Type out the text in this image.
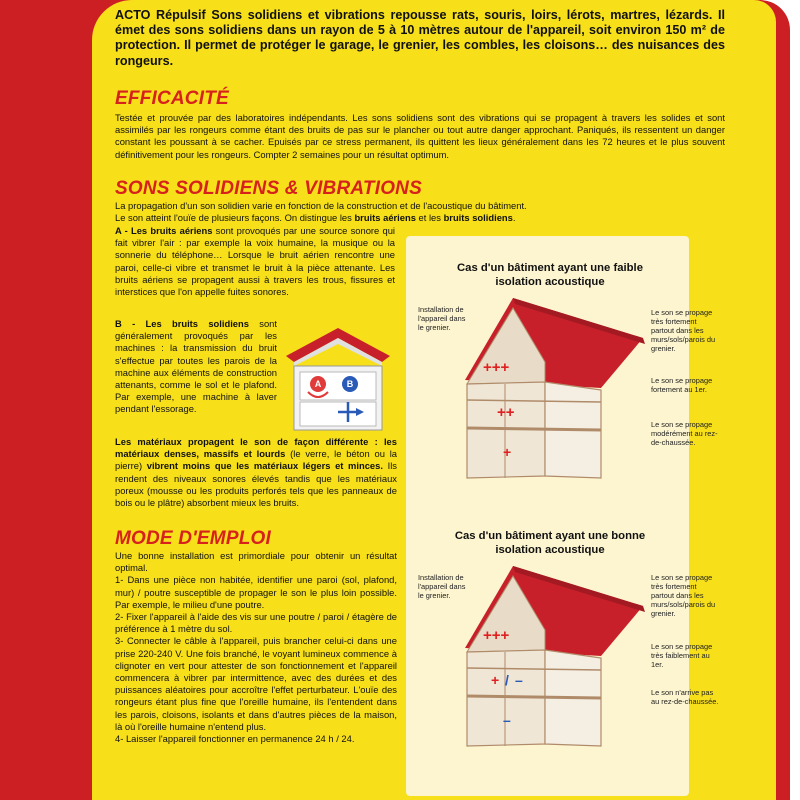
ACTO Répulsif Sons solidiens et vibrations repousse rats, souris, loirs, lérots, martres, lézards. Il émet des sons solidiens dans un rayon de 5 à 10 mètres autour de l'appareil, soit environ 150 m² de protection. Il permet de protéger le garage, le grenier, les combles, les cloisons… des nuisances des rongeurs.
EFFICACITÉ
Testée et prouvée par des laboratoires indépendants. Les sons solidiens sont des vibrations qui se propagent à travers les solides et sont assimilés par les rongeurs comme étant des bruits de pas sur le plancher ou tout autre danger approchant. Paniqués, ils ressentent un danger constant les poussant à se cacher. Epuisés par ce stress permanent, ils quittent les lieux généralement dans les 72 heures et le plus souvent définitivement pour les rongeurs. Compter 2 semaines pour un résultat optimum.
SONS SOLIDIENS & VIBRATIONS
La propagation d'un son solidien varie en fonction de la construction et de l'acoustique du bâtiment.
Le son atteint l'ouïe de plusieurs façons. On distingue les bruits aériens et les bruits solidiens.
A - Les bruits aériens sont provoqués par une source sonore qui fait vibrer l'air : par exemple la voix humaine, la musique ou la sonnerie du téléphone… Lorsque le bruit aérien rencontre une paroi, celle-ci vibre et transmet le bruit à la pièce attenante. Les bruits aériens se propagent aussi à travers les trous, fissures et interstices que l'on appelle fuites sonores.
B - Les bruits solidiens sont généralement provoqués par les machines : la transmission du bruit s'effectue par toutes les parois de la machine aux éléments de construction attenants, comme le sol et le plafond. Par exemple, une machine à laver pendant l'essorage.
Les matériaux propagent le son de façon différente : les matériaux denses, massifs et lourds (le verre, le béton ou la pierre) vibrent moins que les matériaux légers et minces. Ils rendent des niveaux sonores élevés tandis que les matériaux poreux (mousse ou les produits perforés tels que les panneaux de bois ou le plâtre) absorbent mieux les bruits.
A	B
MODE D'EMPLOI
Une bonne installation est primordiale pour obtenir un résultat optimal.
1- Dans une pièce non habitée, identifier une paroi (sol, plafond, mur) / poutre susceptible de propager le son le plus loin possible. Par exemple, le milieu d'une poutre.
2- Fixer l'appareil à l'aide des vis sur une poutre / paroi / étagère de préférence à 1 mètre du sol.
3- Connecter le câble à l'appareil, puis brancher celui-ci dans une prise 220-240 V. Une fois branché, le voyant lumineux commence à clignoter en vert pour attester de son fonctionnement et l'appareil commencera à vibrer par intermittence, avec des durées et des puissances aléatoires pour accroître l'effet perturbateur. L'ouïe des rongeurs étant plus fine que l'oreille humaine, ils l'entendent dans les parois, cloisons, isolants et dans d'autres pièces de la maison, là où l'oreille humaine n'entend plus.
4- Laisser l'appareil fonctionner en permanence 24 h / 24.
Cas d'un bâtiment ayant une faible isolation acoustique
Installation de l'appareil dans le grenier.
Le son se propage très fortement partout dans les murs/sols/parois du grenier.
Le son se propage fortement au 1er.
Le son se propage modérément au rez-de-chaussée.
+++
++
+
Cas d'un bâtiment ayant une bonne isolation acoustique
Installation de l'appareil dans le grenier.
Le son se propage très fortement partout dans les murs/sols/parois du grenier.
Le son se propage très faiblement au 1er.
Le son n'arrive pas au rez-de-chaussée.
+++
+ / –
–
